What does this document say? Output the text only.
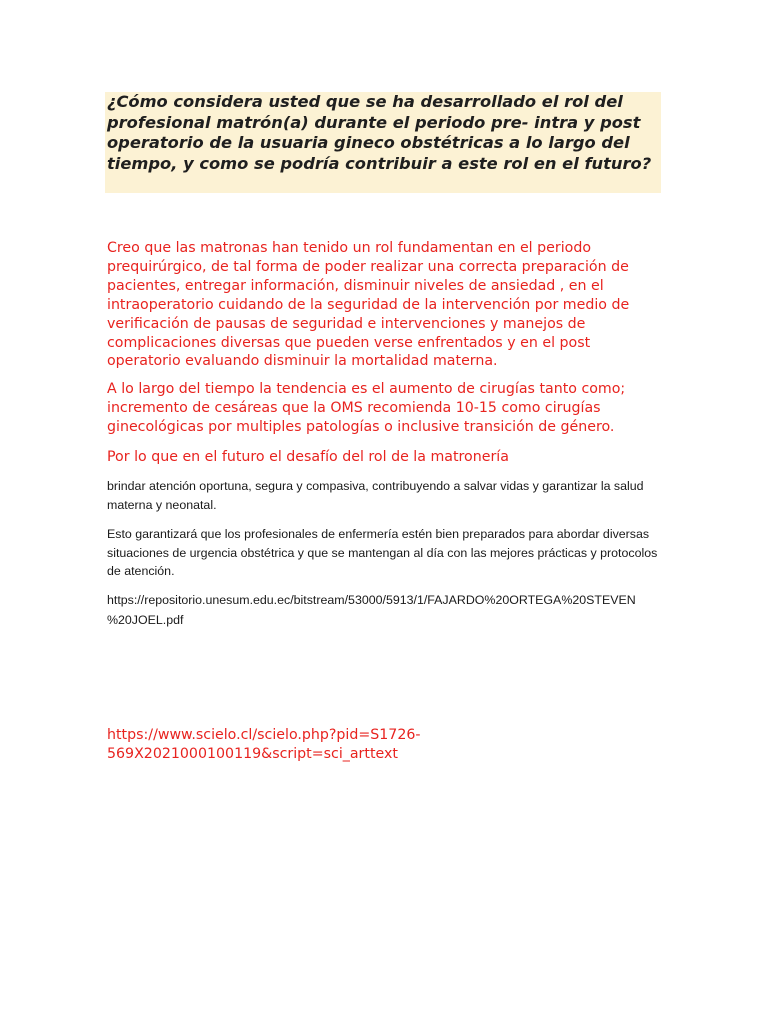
¿Cómo considera usted que se ha desarrollado el rol del profesional matrón(a) durante el periodo pre- intra y post operatorio de la usuaria gineco obstétricas a lo largo del tiempo, y como se podría contribuir a este rol en el futuro?

Creo que las matronas han tenido un rol fundamentan en el periodo prequirúrgico, de tal forma de poder realizar una correcta preparación de pacientes, entregar información, disminuir niveles de ansiedad , en el intraoperatorio cuidando de la seguridad de la intervención por medio de verificación de pausas de seguridad e intervenciones y manejos de complicaciones diversas que pueden verse enfrentados y en el post operatorio evaluando disminuir la mortalidad materna.

A lo largo del tiempo la tendencia es el aumento de cirugías tanto como; incremento de cesáreas que la OMS recomienda 10-15 como cirugías ginecológicas por multiples patologías o inclusive transición de género.

Por lo que en el futuro el desafío del rol de la matronería

brindar atención oportuna, segura y compasiva, contribuyendo a salvar vidas y garantizar la salud materna y neonatal.

Esto garantizará que los profesionales de enfermería estén bien preparados para abordar diversas situaciones de urgencia obstétrica y que se mantengan al día con las mejores prácticas y protocolos de atención.

https://repositorio.unesum.edu.ec/bitstream/53000/5913/1/FAJARDO%20ORTEGA%20STEVEN
%20JOEL.pdf

https://www.scielo.cl/scielo.php?pid=S1726-
569X2021000100119&script=sci_arttext
